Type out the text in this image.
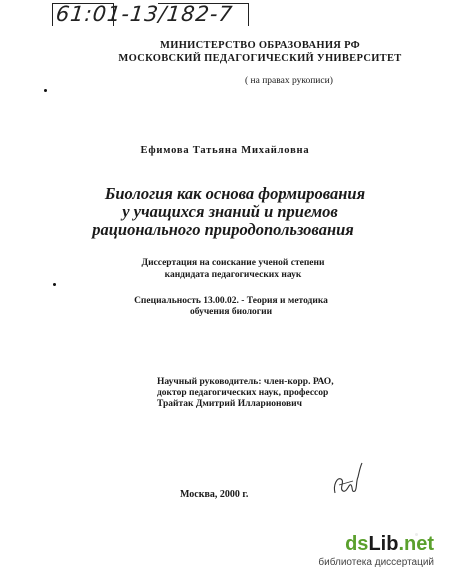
61:01-13/182-7
МИНИСТЕРСТВО ОБРАЗОВАНИЯ РФ
МОСКОВСКИЙ ПЕДАГОГИЧЕСКИЙ УНИВЕРСИТЕТ
( на правах рукописи)
Ефимова Татьяна Михайловна
Биология как основа формирования
у учащихся знаний и приемов
рационального природопользования
Диссертация на соискание ученой степени
кандидата педагогических наук
Специальность 13.00.02. - Теория и методика
обучения биологии
Научный руководитель: член-корр. РАО,
доктор педагогических наук, профессор
Трайтак Дмитрий Илларионович
Москва, 2000 г.
dsLib.net
библиотека диссертаций
